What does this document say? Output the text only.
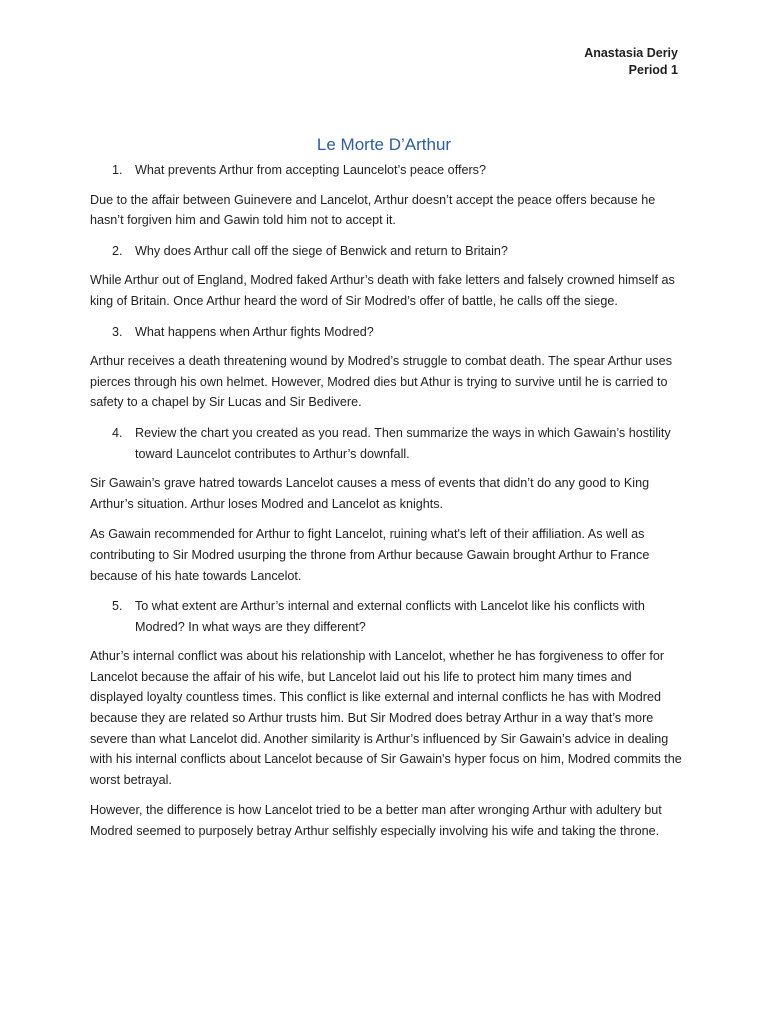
Anastasia Deriy
Period 1
Le Morte D’Arthur
1. What prevents Arthur from accepting Launcelot’s peace offers?

Due to the affair between Guinevere and Lancelot, Arthur doesn’t accept the peace offers because he hasn’t forgiven him and Gawin told him not to accept it.

2. Why does Arthur call off the siege of Benwick and return to Britain?

While Arthur out of England, Modred faked Arthur’s death with fake letters and falsely crowned himself as king of Britain. Once Arthur heard the word of Sir Modred’s offer of battle, he calls off the siege.

3. What happens when Arthur fights Modred?

Arthur receives a death threatening wound by Modred’s struggle to combat death. The spear Arthur uses pierces through his own helmet. However, Modred dies but Athur is trying to survive until he is carried to safety to a chapel by Sir Lucas and Sir Bedivere.

4. Review the chart you created as you read. Then summarize the ways in which Gawain’s hostility toward Launcelot contributes to Arthur’s downfall.

Sir Gawain’s grave hatred towards Lancelot causes a mess of events that didn’t do any good to King Arthur’s situation. Arthur loses Modred and Lancelot as knights.

As Gawain recommended for Arthur to fight Lancelot, ruining what's left of their affiliation. As well as contributing to Sir Modred usurping the throne from Arthur because Gawain brought Arthur to France because of his hate towards Lancelot.

5. To what extent are Arthur’s internal and external conflicts with Lancelot like his conflicts with Modred? In what ways are they different?

Athur’s internal conflict was about his relationship with Lancelot, whether he has forgiveness to offer for Lancelot because the affair of his wife, but Lancelot laid out his life to protect him many times and displayed loyalty countless times. This conflict is like external and internal conflicts he has with Modred because they are related so Arthur trusts him. But Sir Modred does betray Arthur in a way that’s more severe than what Lancelot did. Another similarity is Arthur’s influenced by Sir Gawain’s advice in dealing with his internal conflicts about Lancelot because of Sir Gawain's hyper focus on him, Modred commits the worst betrayal.

However, the difference is how Lancelot tried to be a better man after wronging Arthur with adultery but Modred seemed to purposely betray Arthur selfishly especially involving his wife and taking the throne.
